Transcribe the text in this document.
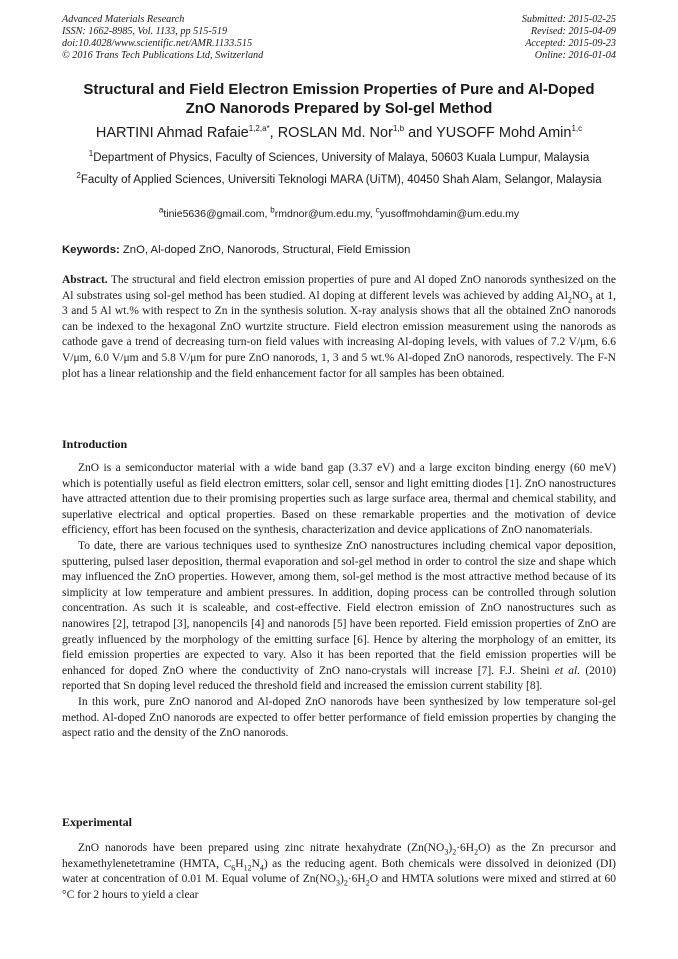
Advanced Materials Research
ISSN: 1662-8985, Vol. 1133, pp 515-519
doi:10.4028/www.scientific.net/AMR.1133.515
© 2016 Trans Tech Publications Ltd, Switzerland
Submitted: 2015-02-25
Revised: 2015-04-09
Accepted: 2015-09-23
Online: 2016-01-04
Structural and Field Electron Emission Properties of Pure and Al-Doped
ZnO Nanorods Prepared by Sol-gel Method
HARTINI Ahmad Rafaie$^{1,2,a*}$, ROSLAN Md. Nor$^{1,b}$ and YUSOFF Mohd Amin$^{1,c}$
$^1$Department of Physics, Faculty of Sciences, University of Malaya, 50603 Kuala Lumpur, Malaysia
$^2$Faculty of Applied Sciences, Universiti Teknologi MARA (UiTM), 40450 Shah Alam, Selangor, Malaysia
$^a$tinie5636@gmail.com, $^b$rmdnor@um.edu.my, $^c$yusoffmohdamin@um.edu.my
Keywords: ZnO, Al-doped ZnO, Nanorods, Structural, Field Emission
Abstract. The structural and field electron emission properties of pure and Al doped ZnO nanorods synthesized on the Al substrates using sol-gel method has been studied. Al doping at different levels was achieved by adding $Al_2NO_3$ at 1, 3 and 5 Al wt.% with respect to Zn in the synthesis solution. X-ray analysis shows that all the obtained ZnO nanorods can be indexed to the hexagonal ZnO wurtzite structure. Field electron emission measurement using the nanorods as cathode gave a trend of decreasing turn-on field values with increasing Al-doping levels, with values of 7.2 V/μm, 6.6 V/μm, 6.0 V/μm and 5.8 V/μm for pure ZnO nanorods, 1, 3 and 5 wt.% Al-doped ZnO nanorods, respectively. The F-N plot has a linear relationship and the field enhancement factor for all samples has been obtained.
Introduction

ZnO is a semiconductor material with a wide band gap (3.37 eV) and a large exciton binding energy (60 meV) which is potentially useful as field electron emitters, solar cell, sensor and light emitting diodes [1]. ZnO nanostructures have attracted attention due to their promising properties such as large surface area, thermal and chemical stability, and superlative electrical and optical properties. Based on these remarkable properties and the motivation of device efficiency, effort has been focused on the synthesis, characterization and device applications of ZnO nanomaterials.

To date, there are various techniques used to synthesize ZnO nanostructures including chemical vapor deposition, sputtering, pulsed laser deposition, thermal evaporation and sol-gel method in order to control the size and shape which may influenced the ZnO properties. However, among them, sol-gel method is the most attractive method because of its simplicity at low temperature and ambient pressures. In addition, doping process can be controlled through solution concentration. As such it is scaleable, and cost-effective. Field electron emission of ZnO nanostructures such as nanowires [2], tetrapod [3], nanopencils [4] and nanorods [5] have been reported. Field emission properties of ZnO are greatly influenced by the morphology of the emitting surface [6]. Hence by altering the morphology of an emitter, its field emission properties are expected to vary. Also it has been reported that the field emission properties will be enhanced for doped ZnO where the conductivity of ZnO nano-crystals will increase [7]. F.J. Sheini et al. (2010) reported that Sn doping level reduced the threshold field and increased the emission current stability [8].

In this work, pure ZnO nanorod and Al-doped ZnO nanorods have been synthesized by low temperature sol-gel method. Al-doped ZnO nanorods are expected to offer better performance of field emission properties by changing the aspect ratio and the density of the ZnO nanorods.

Experimental

ZnO nanorods have been prepared using zinc nitrate hexahydrate $(Zn(NO_3)_2\cdot 6H_2O)$ as the Zn precursor and hexamethylenetetramine (HMTA, $C_6H_{12}N_4$) as the reducing agent. Both chemicals were dissolved in deionized (DI) water at concentration of 0.01 M. Equal volume of $Zn(NO_3)_2\cdot 6H_2O$ and HMTA solutions were mixed and stirred at 60 °C for 2 hours to yield a clear
